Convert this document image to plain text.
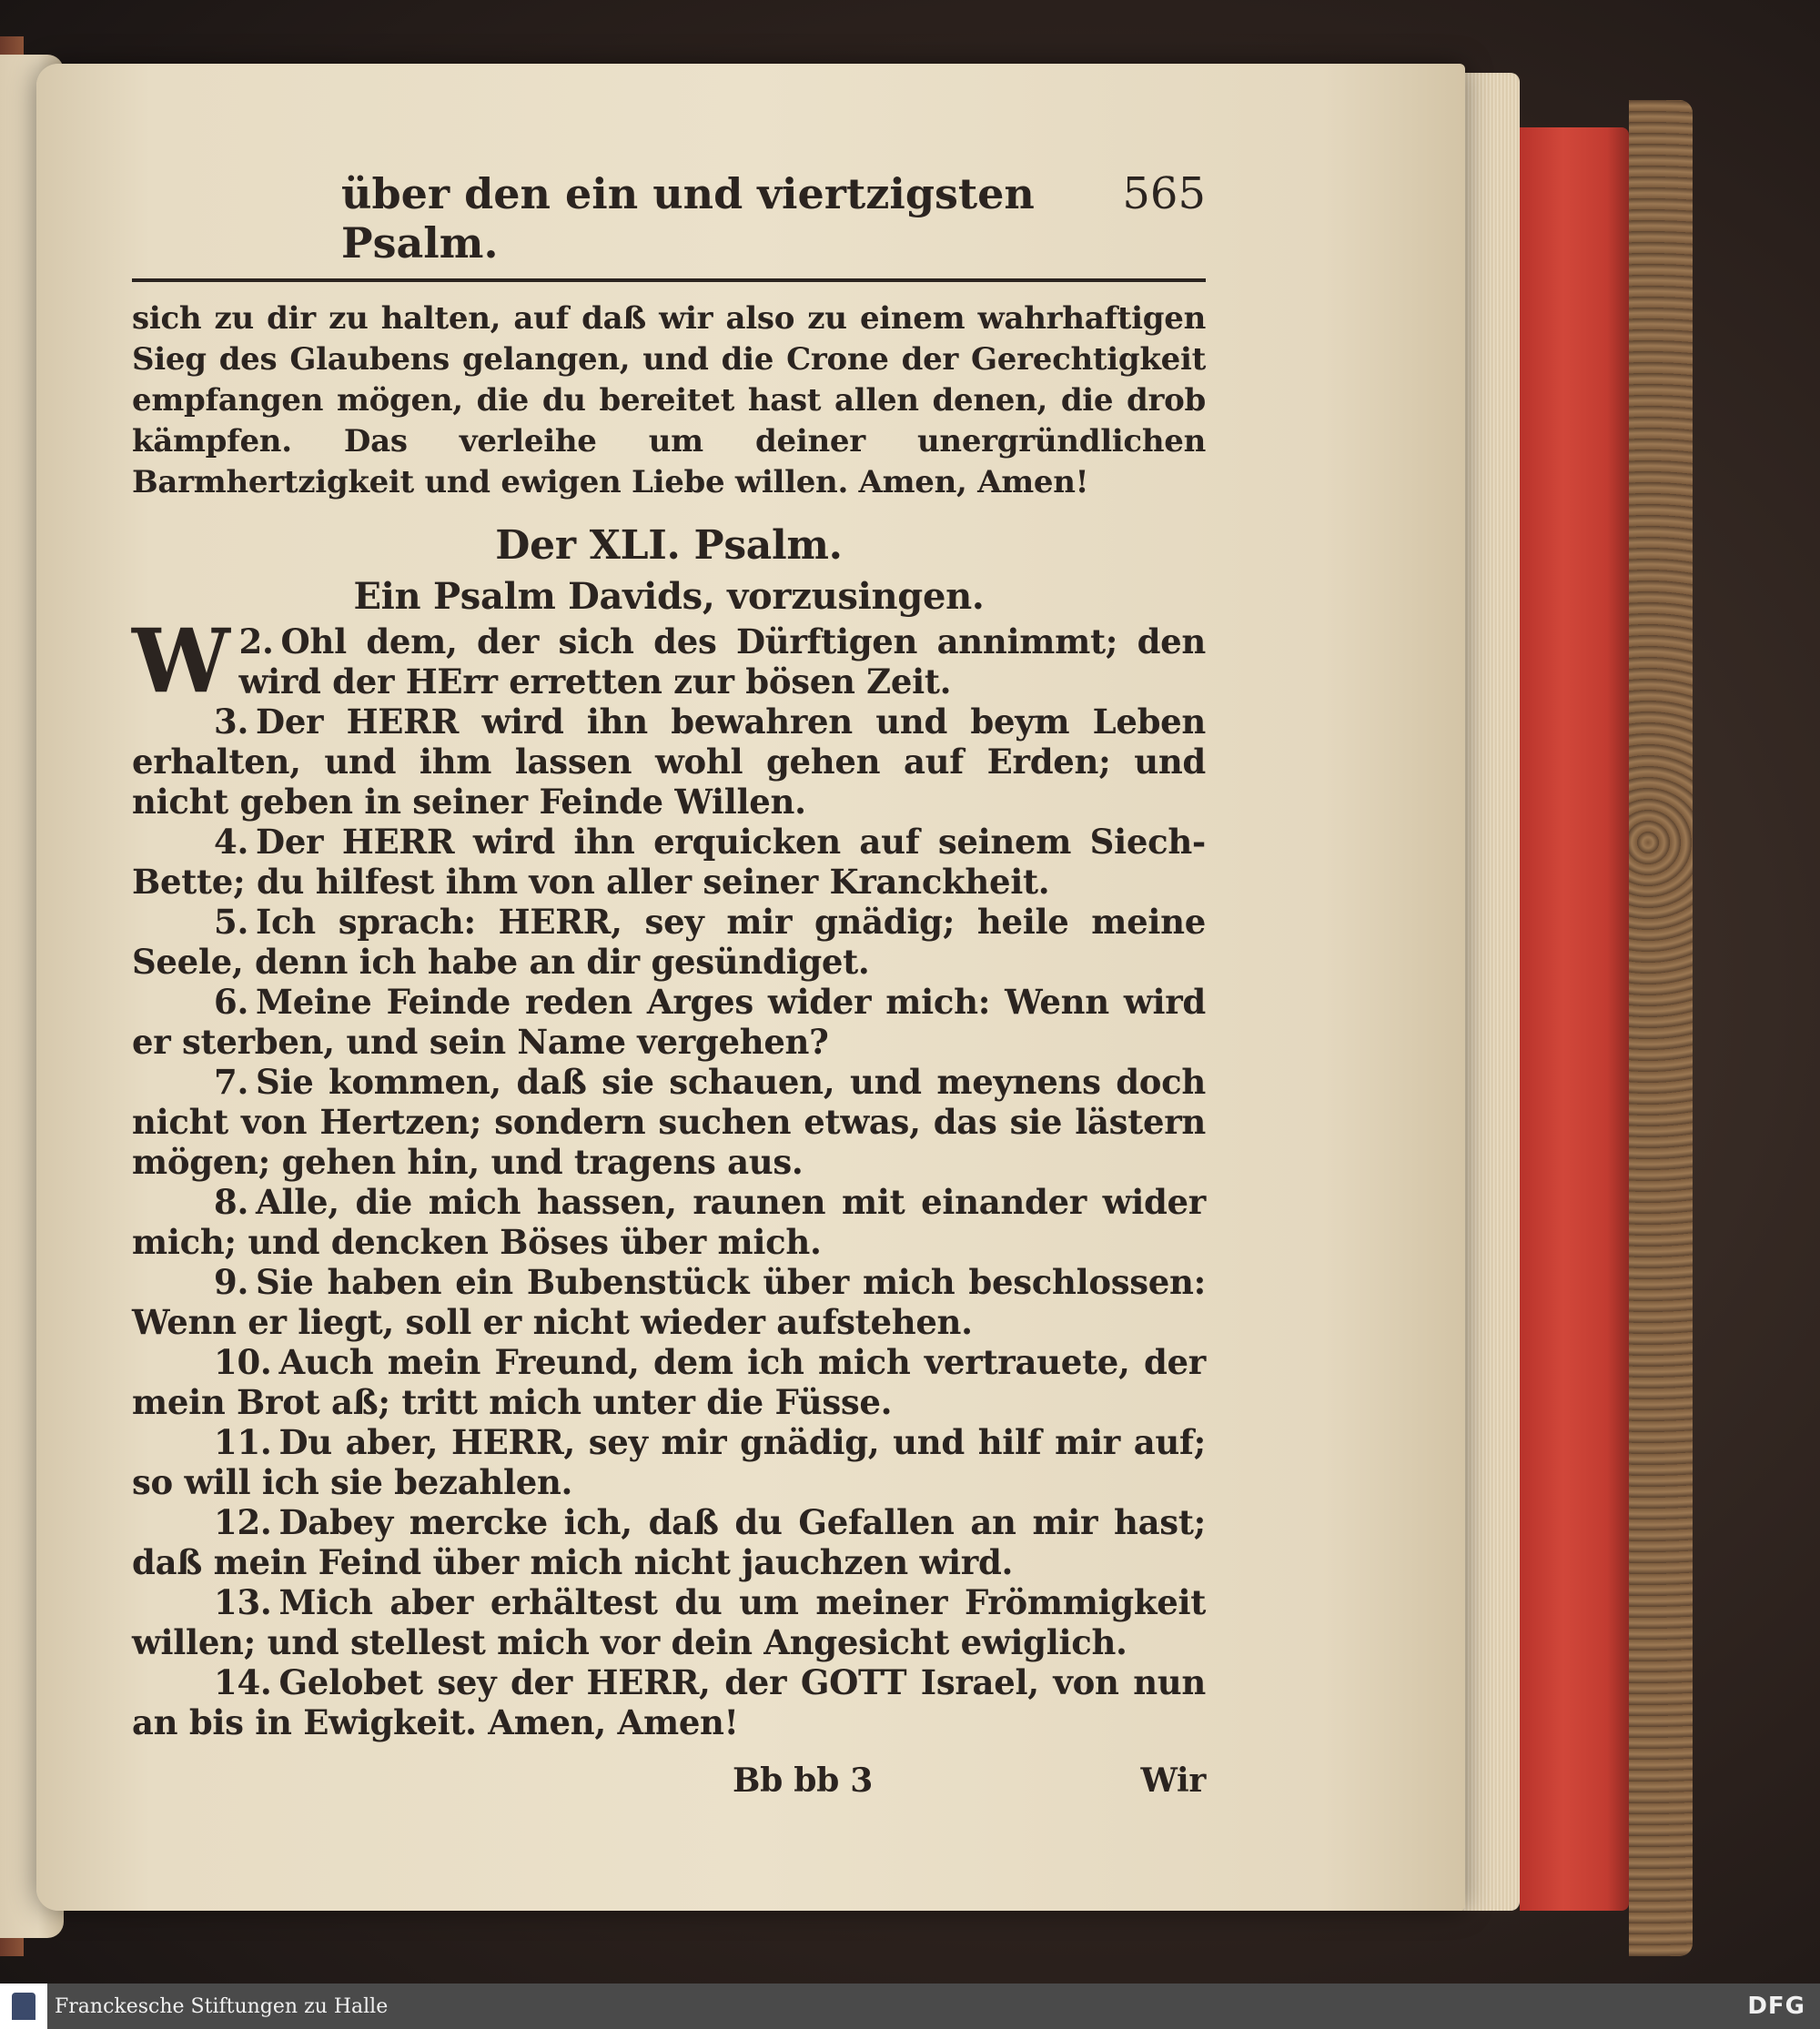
über den ein und viertzigsten Psalm.
565

sich zu dir zu halten, auf daß wir also zu einem wahrhaftigen Sieg des Glaubens gelangen, und die Crone der Gerechtigkeit empfangen mögen, die du bereitet hast allen denen, die drob kämpfen. Das verleihe um deiner unergründlichen Barmhertzigkeit und ewigen Liebe willen. Amen, Amen!

Der XLI. Psalm.
Ein Psalm Davids, vorzusingen.

2.
W Ohl dem, der sich des Dürftigen annimmt; den wird der HErr erretten zur bösen Zeit.

3. Der HERR wird ihn bewahren und beym Leben erhalten, und ihm lassen wohl gehen auf Erden; und nicht geben in seiner Feinde Willen.

4. Der HERR wird ihn erquicken auf seinem Siech-Bette; du hilfest ihm von aller seiner Kranckheit.

5. Ich sprach: HERR, sey mir gnädig; heile meine Seele, denn ich habe an dir gesündiget.

6. Meine Feinde reden Arges wider mich: Wenn wird er sterben, und sein Name vergehen?

7. Sie kommen, daß sie schauen, und meynens doch nicht von Hertzen; sondern suchen etwas, das sie lästern mögen; gehen hin, und tragens aus.

8. Alle, die mich hassen, raunen mit einander wider mich; und dencken Böses über mich.

9. Sie haben ein Bubenstück über mich beschlossen: Wenn er liegt, soll er nicht wieder aufstehen.

10. Auch mein Freund, dem ich mich vertrauete, der mein Brot aß; tritt mich unter die Füsse.

11. Du aber, HERR, sey mir gnädig, und hilf mir auf; so will ich sie bezahlen.

12. Dabey mercke ich, daß du Gefallen an mir hast; daß mein Feind über mich nicht jauchzen wird.

13. Mich aber erhältest du um meiner Frömmigkeit willen; und stellest mich vor dein Angesicht ewiglich.

14. Gelobet sey der HERR, der GOTT Israel, von nun an bis in Ewigkeit. Amen, Amen!

Bb bb 3	Wir
Franckesche Stiftungen zu Halle	DFG
